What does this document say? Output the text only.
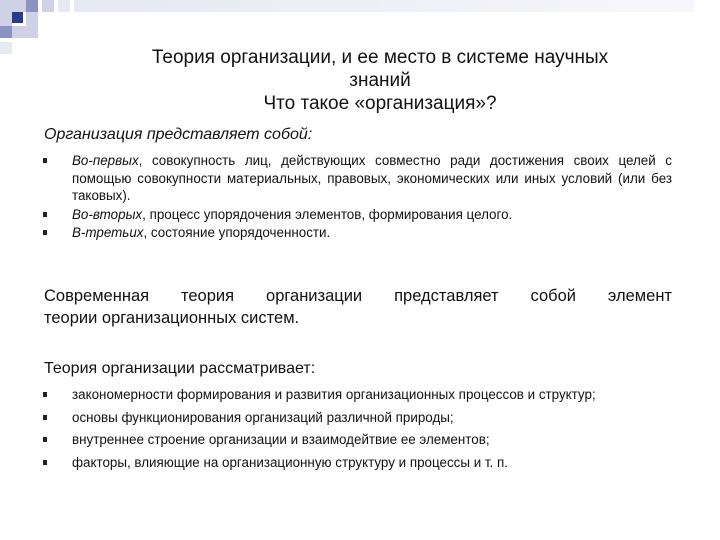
Теория организации, и ее место в системе научных
знаний
Что такое «организация»?
Организация представляет собой:
Во-первых, совокупность лиц, действующих совместно ради достижения своих целей с помощью совокупности материальных, правовых, экономических или иных условий (или без таковых).
Во-вторых, процесс упорядочения элементов, формирования целого.
В-третьих, состояние упорядоченности.
Современная теория организации представляет собой элемент
теории организационных систем.
Теория организации рассматривает:
закономерности формирования и развития организационных процессов и структур;
основы функционирования организаций различной природы;
внутреннее строение организации и взаимодейтвие ее элементов;
факторы, влияющие на организационную структуру и процессы и т. п.
